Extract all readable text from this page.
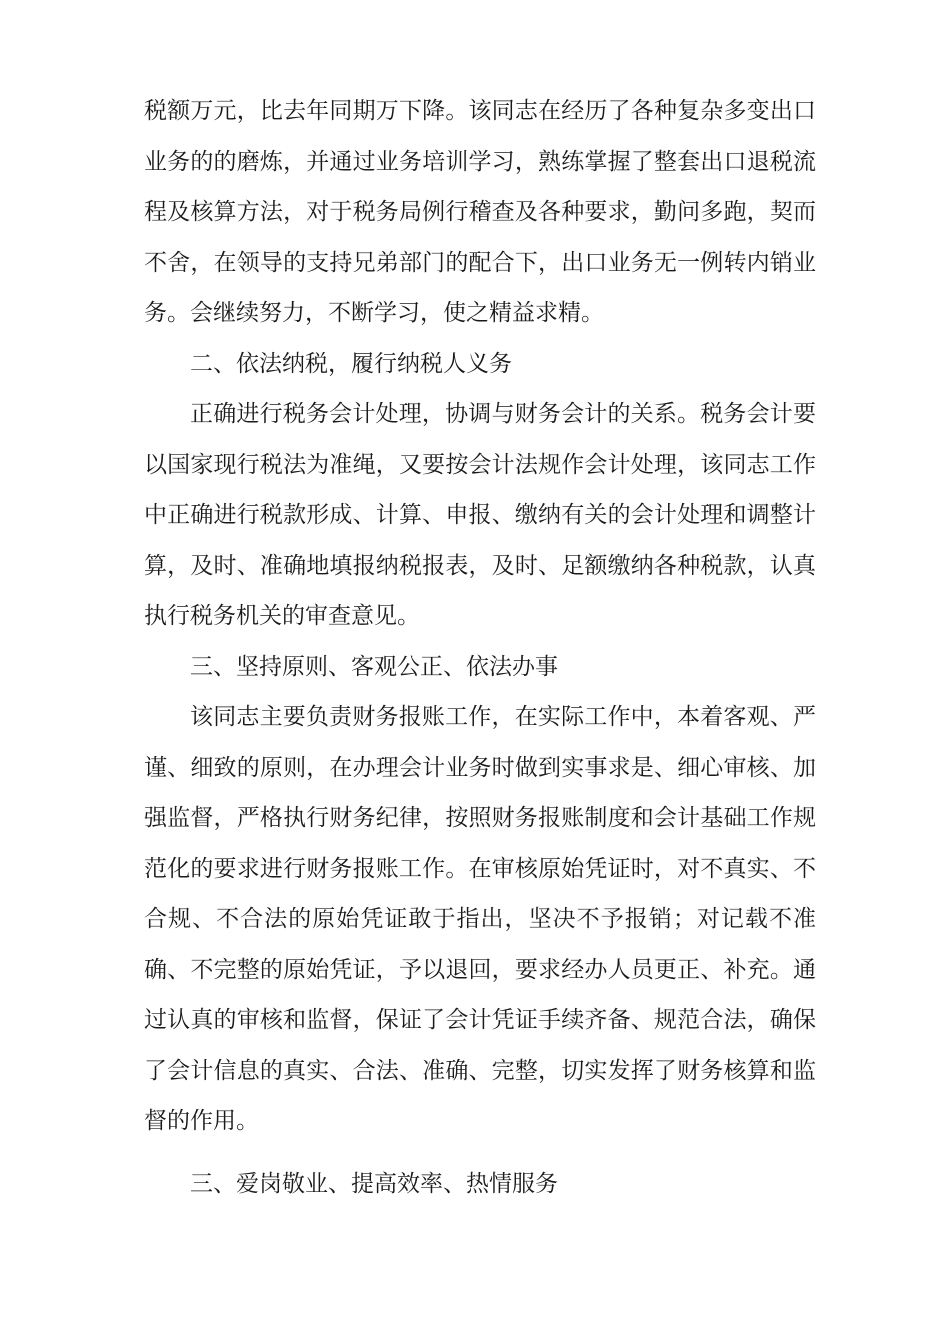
税额万元，比去年同期万下降。该同志在经历了各种复杂多变出口业务的的磨炼，并通过业务培训学习，熟练掌握了整套出口退税流程及核算方法，对于税务局例行稽查及各种要求，勤问多跑，契而不舍，在领导的支持兄弟部门的配合下，出口业务无一例转内销业务。会继续努力，不断学习，使之精益求精。

二、依法纳税，履行纳税人义务

正确进行税务会计处理，协调与财务会计的关系。税务会计要以国家现行税法为准绳，又要按会计法规作会计处理，该同志工作中正确进行税款形成、计算、申报、缴纳有关的会计处理和调整计算，及时、准确地填报纳税报表，及时、足额缴纳各种税款，认真执行税务机关的审查意见。

三、坚持原则、客观公正、依法办事

该同志主要负责财务报账工作，在实际工作中，本着客观、严谨、细致的原则，在办理会计业务时做到实事求是、细心审核、加强监督，严格执行财务纪律，按照财务报账制度和会计基础工作规范化的要求进行财务报账工作。在审核原始凭证时，对不真实、不合规、不合法的原始凭证敢于指出，坚决不予报销；对记载不准确、不完整的原始凭证，予以退回，要求经办人员更正、补充。通过认真的审核和监督，保证了会计凭证手续齐备、规范合法，确保了会计信息的真实、合法、准确、完整，切实发挥了财务核算和监督的作用。

三、爱岗敬业、提高效率、热情服务
